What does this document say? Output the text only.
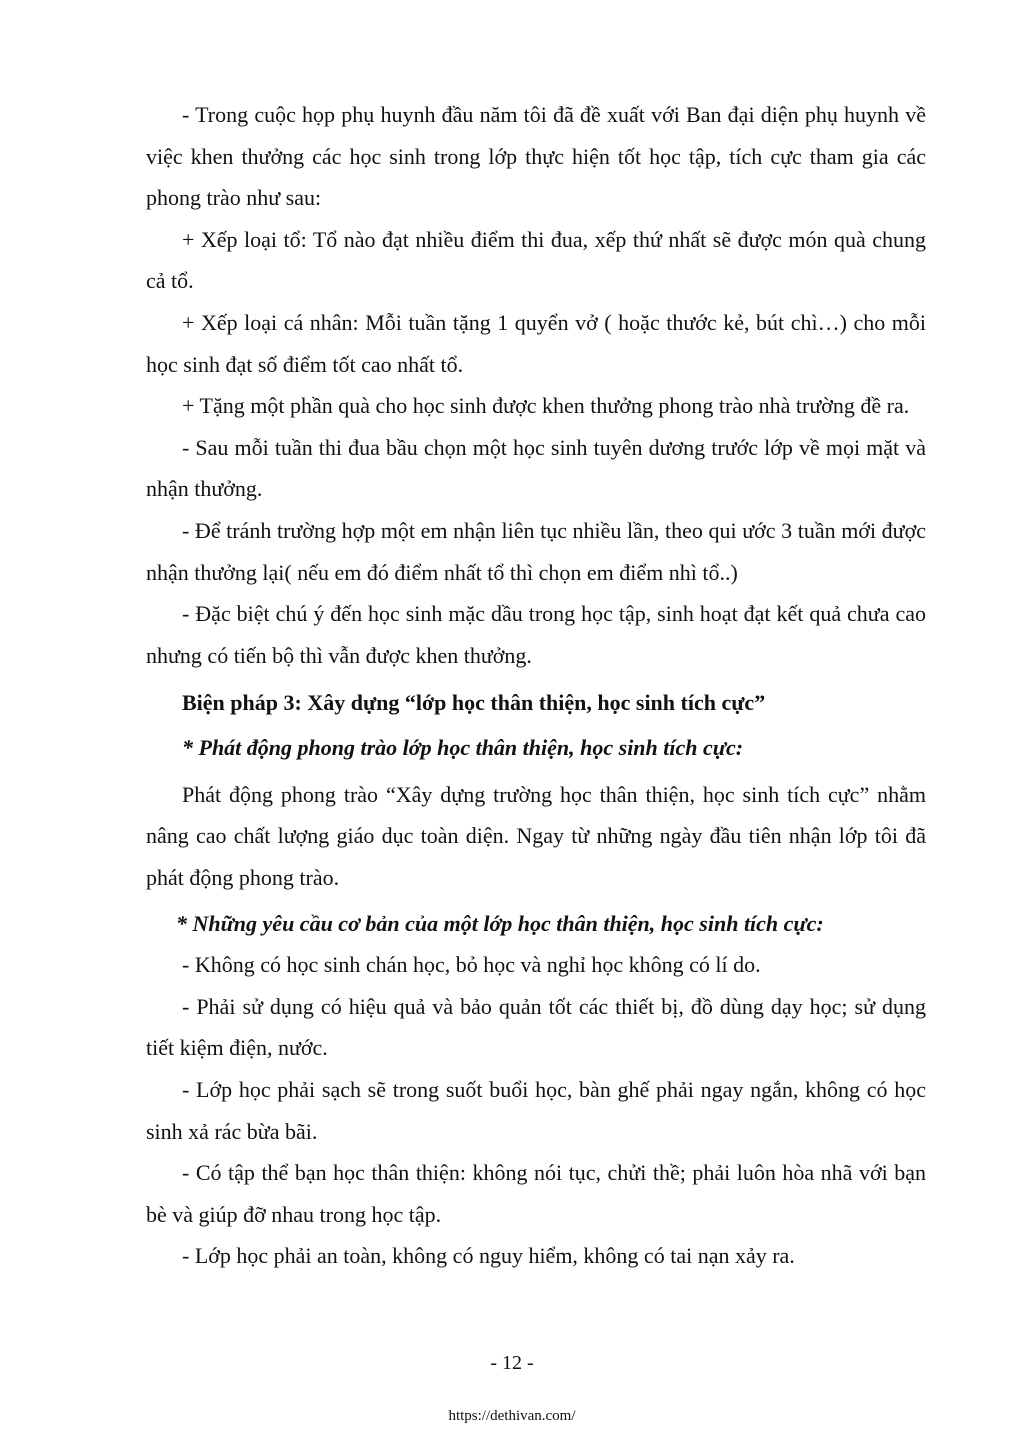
- Trong cuộc họp phụ huynh đầu năm tôi đã đề xuất với Ban đại diện phụ huynh về việc khen thưởng các học sinh trong lớp thực hiện tốt học tập, tích cực tham gia các phong trào như sau:

+ Xếp loại tổ: Tổ nào đạt nhiều điểm thi đua, xếp thứ nhất sẽ được món quà chung cả tổ.

+ Xếp loại cá nhân: Mỗi tuần tặng 1 quyển vở ( hoặc thước kẻ, bút chì…) cho mỗi học sinh đạt số điểm tốt cao nhất tổ.

+ Tặng một phần quà cho học sinh được khen thưởng phong trào nhà trường đề ra.

- Sau mỗi tuần thi đua bầu chọn một học sinh tuyên dương trước lớp về mọi mặt và nhận thưởng.

- Để tránh trường hợp một em nhận liên tục nhiều lần, theo qui ước 3 tuần mới được nhận thưởng lại( nếu em đó điểm nhất tổ thì chọn em điểm nhì tổ..)

- Đặc biệt chú ý đến học sinh mặc dầu trong học tập, sinh hoạt đạt kết quả chưa cao nhưng có tiến bộ thì vẫn được khen thưởng.

Biện pháp 3: Xây dựng “lớp học thân thiện, học sinh tích cực”

* Phát động phong trào lớp học thân thiện, học sinh tích cực:

Phát động phong trào “Xây dựng trường học thân thiện, học sinh tích cực” nhằm nâng cao chất lượng giáo dục toàn diện. Ngay từ những ngày đầu tiên nhận lớp tôi đã phát động phong trào.

* Những yêu cầu cơ bản của một lớp học thân thiện, học sinh tích cực:

- Không có học sinh chán học, bỏ học và nghỉ học không có lí do.

- Phải sử dụng có hiệu quả và bảo quản tốt các thiết bị, đồ dùng dạy học; sử dụng tiết kiệm điện, nước.

- Lớp học phải sạch sẽ trong suốt buổi học, bàn ghế phải ngay ngắn, không có học sinh xả rác bừa bãi.

- Có tập thể bạn học thân thiện: không nói tục, chửi thề; phải luôn hòa nhã với bạn bè và giúp đỡ nhau trong học tập.

- Lớp học phải an toàn, không có nguy hiểm, không có tai nạn xảy ra.

- 12 -
https://dethivan.com/
